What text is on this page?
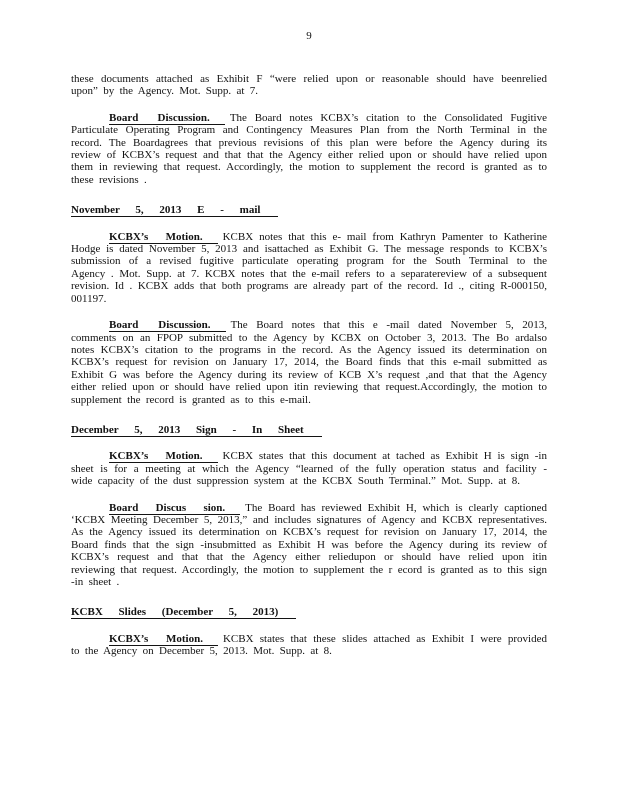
9

these documents attached as Exhibit F “were relied upon or reasonable should have beenrelied upon” by the Agency. Mot. Supp. at 7.

Board Discussion. The Board notes KCBX’s citation to the Consolidated Fugitive Particulate Operating Program and Contingency Measures Plan from the North Terminal in the record. The Boardagrees that previous revisions of this plan were before the Agency during its review of KCBX’s request and that that the Agency either relied upon or should have relied upon them in reviewing that request. Accordingly, the motion to supplement the record is granted as to these revisions .

November 5, 2013 E - mail

KCBX’s Motion. KCBX notes that this e- mail from Kathryn Pamenter to Katherine Hodge is dated November 5, 2013 and isattached as Exhibit G. The message responds to KCBX’s submission of a revised fugitive particulate operating program for the South Terminal to the Agency . Mot. Supp. at 7. KCBX notes that the e-mail refers to a separatereview of a subsequent revision. Id . KCBX adds that both programs are already part of the record. Id ., citing R-000150, 001197.

Board Discussion. The Board notes that this e -mail dated November 5, 2013, comments on an FPOP submitted to the Agency by KCBX on October 3, 2013. The Bo ardalso notes KCBX’s citation to the programs in the record. As the Agency issued its determination on KCBX’s request for revision on January 17, 2014, the Board finds that this e-mail submitted as Exhibit G was before the Agency during its review of KCB X’s request ,and that that the Agency either relied upon or should have relied upon itin reviewing that request.Accordingly, the motion to supplement the record is granted as to this e-mail.

December 5, 2013 Sign - In Sheet

KCBX’s Motion. KCBX states that this document at tached as Exhibit H is sign -in sheet is for a meeting at which the Agency “learned of the fully operation status and facility - wide capacity of the dust suppression system at the KCBX South Terminal.” Mot. Supp. at 8.

Board Discus sion. The Board has reviewed Exhibit H, which is clearly captioned ‘KCBX Meeting December 5, 2013,” and includes signatures of Agency and KCBX representatives. As the Agency issued its determination on KCBX’s request for revision on January 17, 2014, the Board finds that the sign -insubmitted as Exhibit H was before the Agency during its review of KCBX’s request and that that the Agency either reliedupon or should have relied upon itin reviewing that request. Accordingly, the motion to supplement the r ecord is granted as to this sign -in sheet .

KCBX Slides (December 5, 2013)

KCBX’s Motion. KCBX states that these slides attached as Exhibit I were provided to the Agency on December 5, 2013. Mot. Supp. at 8.
